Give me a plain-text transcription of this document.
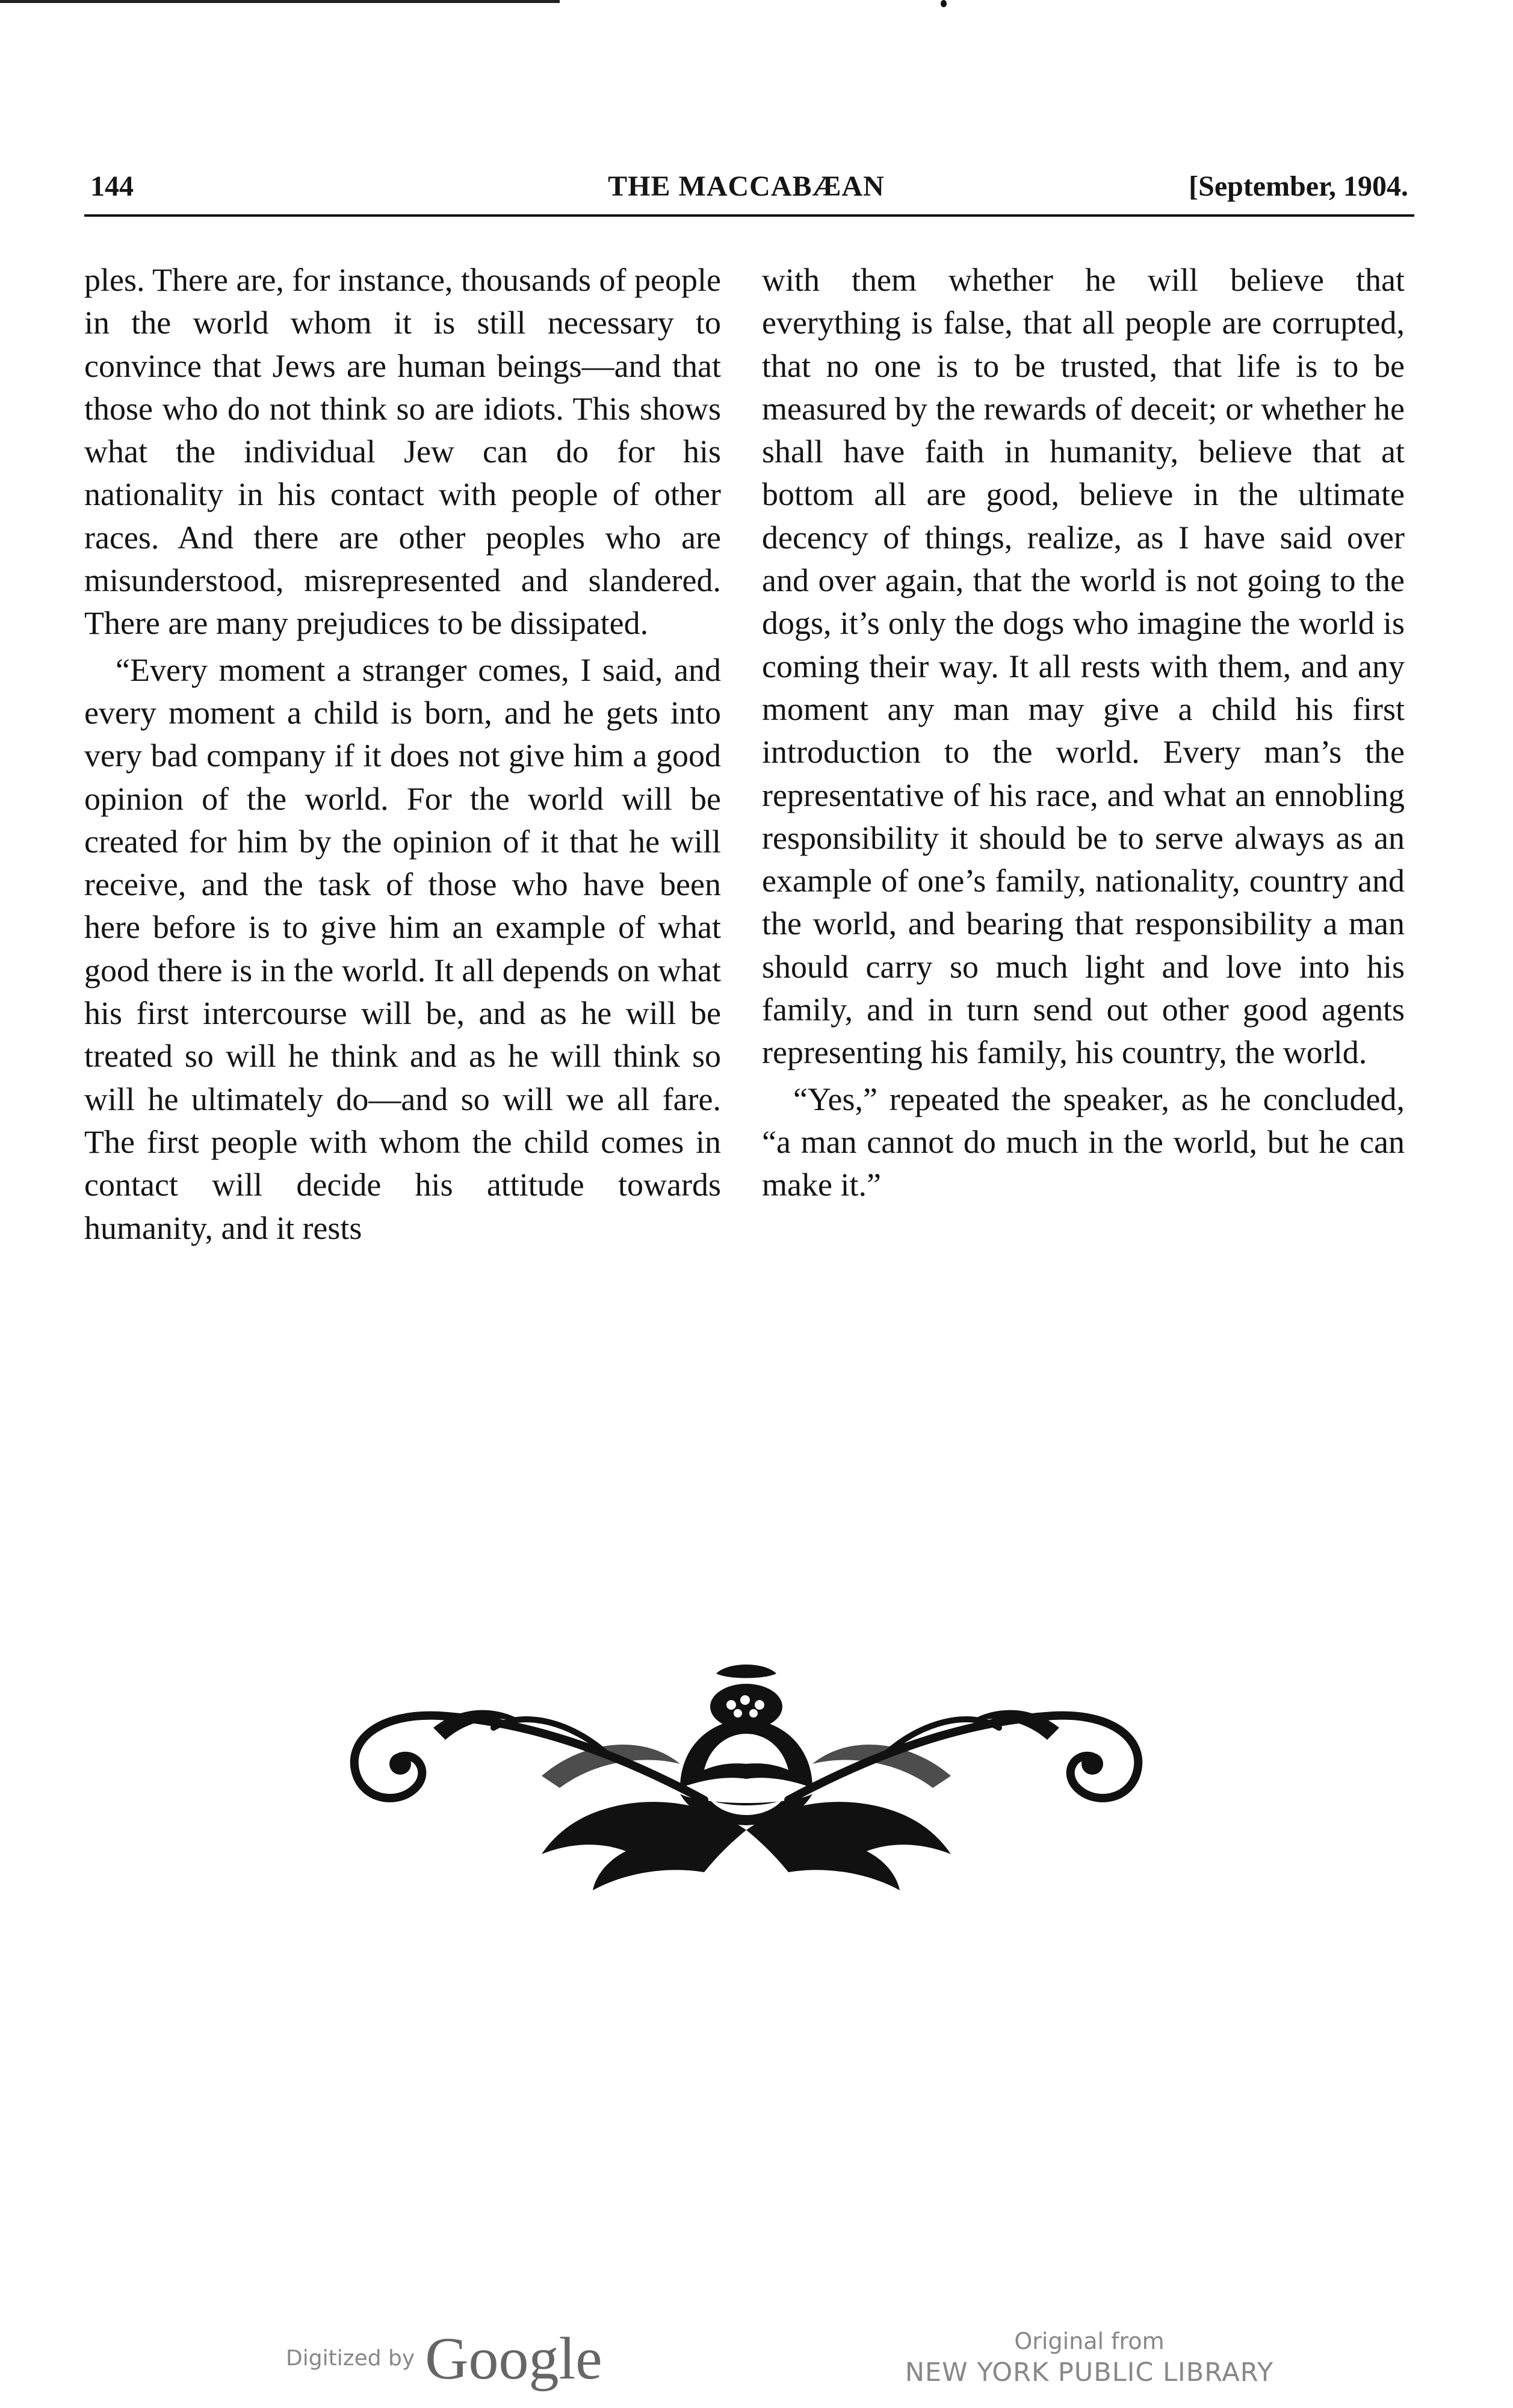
144	THE MACCABÆAN	[September, 1904.

ples. There are, for instance, thousands of people in the world whom it is still necessary to convince that Jews are human beings—and that those who do not think so are idiots. This shows what the individual Jew can do for his nationality in his contact with people of other races. And there are other peoples who are misunderstood, misrepresented and slandered. There are many prejudices to be dissipated.

“Every moment a stranger comes, I said, and every moment a child is born, and he gets into very bad company if it does not give him a good opinion of the world. For the world will be created for him by the opinion of it that he will receive, and the task of those who have been here before is to give him an example of what good there is in the world. It all depends on what his first intercourse will be, and as he will be treated so will he think and as he will think so will he ultimately do—and so will we all fare. The first people with whom the child comes in contact will decide his attitude towards humanity, and it rests

with them whether he will believe that everything is false, that all people are corrupted, that no one is to be trusted, that life is to be measured by the rewards of deceit; or whether he shall have faith in humanity, believe that at bottom all are good, believe in the ultimate decency of things, realize, as I have said over and over again, that the world is not going to the dogs, it’s only the dogs who imagine the world is coming their way. It all rests with them, and any moment any man may give a child his first introduction to the world. Every man’s the representative of his race, and what an ennobling responsibility it should be to serve always as an example of one’s family, nationality, country and the world, and bearing that responsibility a man should carry so much light and love into his family, and in turn send out other good agents representing his family, his country, the world.

“Yes,” repeated the speaker, as he concluded, “a man cannot do much in the world, but he can make it.”

Digitized by Google	Original from
NEW YORK PUBLIC LIBRARY
